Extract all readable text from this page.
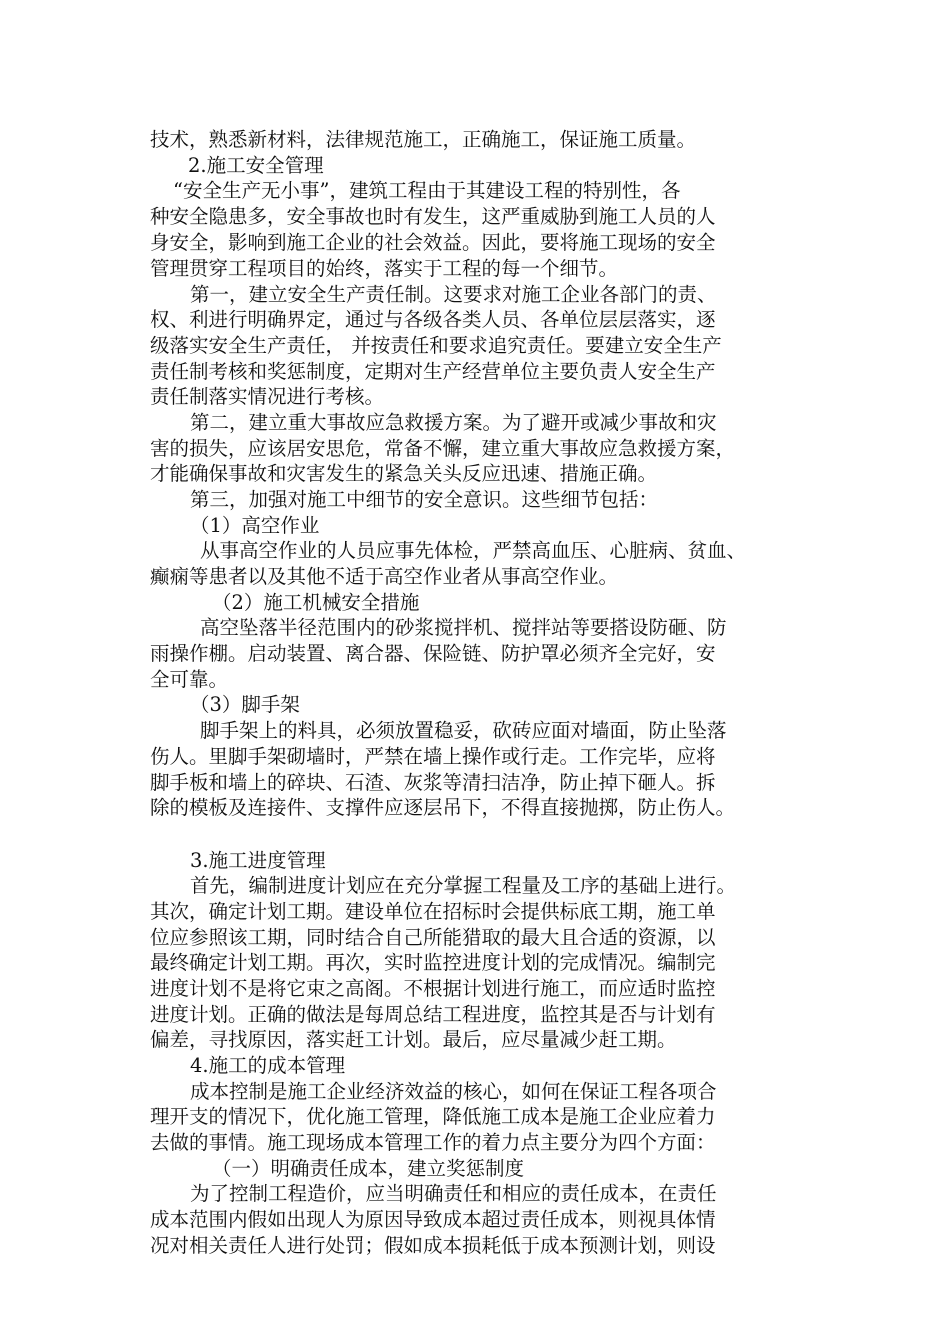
技术，熟悉新材料，法律规范施工，正确施工，保证施工质量。
2.施工安全管理
“安全生产无小事”，建筑工程由于其建设工程的特别性，各
种安全隐患多，安全事故也时有发生，这严重威胁到施工人员的人
身安全，影响到施工企业的社会效益。因此，要将施工现场的安全
管理贯穿工程项目的始终，落实于工程的每一个细节。
第一，建立安全生产责任制。这要求对施工企业各部门的责、
权、利进行明确界定，通过与各级各类人员、各单位层层落实，逐
级落实安全生产责任， 并按责任和要求追究责任。要建立安全生产
责任制考核和奖惩制度，定期对生产经营单位主要负责人安全生产
责任制落实情况进行考核。
第二，建立重大事故应急救援方案。为了避开或减少事故和灾
害的损失，应该居安思危，常备不懈，建立重大事故应急救援方案，
才能确保事故和灾害发生的紧急关头反应迅速、措施正确。
第三，加强对施工中细节的安全意识。这些细节包括：
（1）高空作业
从事高空作业的人员应事先体检，严禁高血压、心脏病、贫血、
癫痫等患者以及其他不适于高空作业者从事高空作业。
（2）施工机械安全措施
高空坠落半径范围内的砂浆搅拌机、搅拌站等要搭设防砸、防
雨操作棚。启动装置、离合器、保险链、防护罩必须齐全完好，安
全可靠。
（3）脚手架
脚手架上的料具，必须放置稳妥，砍砖应面对墙面，防止坠落
伤人。里脚手架砌墙时，严禁在墙上操作或行走。工作完毕，应将
脚手板和墙上的碎块、石渣、灰浆等清扫洁净，防止掉下砸人。拆
除的模板及连接件、支撑件应逐层吊下，不得直接抛掷，防止伤人。
3.施工进度管理
首先，编制进度计划应在充分掌握工程量及工序的基础上进行。
其次，确定计划工期。建设单位在招标时会提供标底工期，施工单
位应参照该工期，同时结合自己所能猎取的最大且合适的资源，以
最终确定计划工期。再次，实时监控进度计划的完成情况。编制完
进度计划不是将它束之高阁。不根据计划进行施工，而应适时监控
进度计划。正确的做法是每周总结工程进度，监控其是否与计划有
偏差，寻找原因，落实赶工计划。最后，应尽量减少赶工期。
4.施工的成本管理
成本控制是施工企业经济效益的核心，如何在保证工程各项合
理开支的情况下，优化施工管理，降低施工成本是施工企业应着力
去做的事情。施工现场成本管理工作的着力点主要分为四个方面：
（一）明确责任成本，建立奖惩制度
为了控制工程造价，应当明确责任和相应的责任成本，在责任
成本范围内假如出现人为原因导致成本超过责任成本，则视具体情
况对相关责任人进行处罚；假如成本损耗低于成本预测计划，则设
